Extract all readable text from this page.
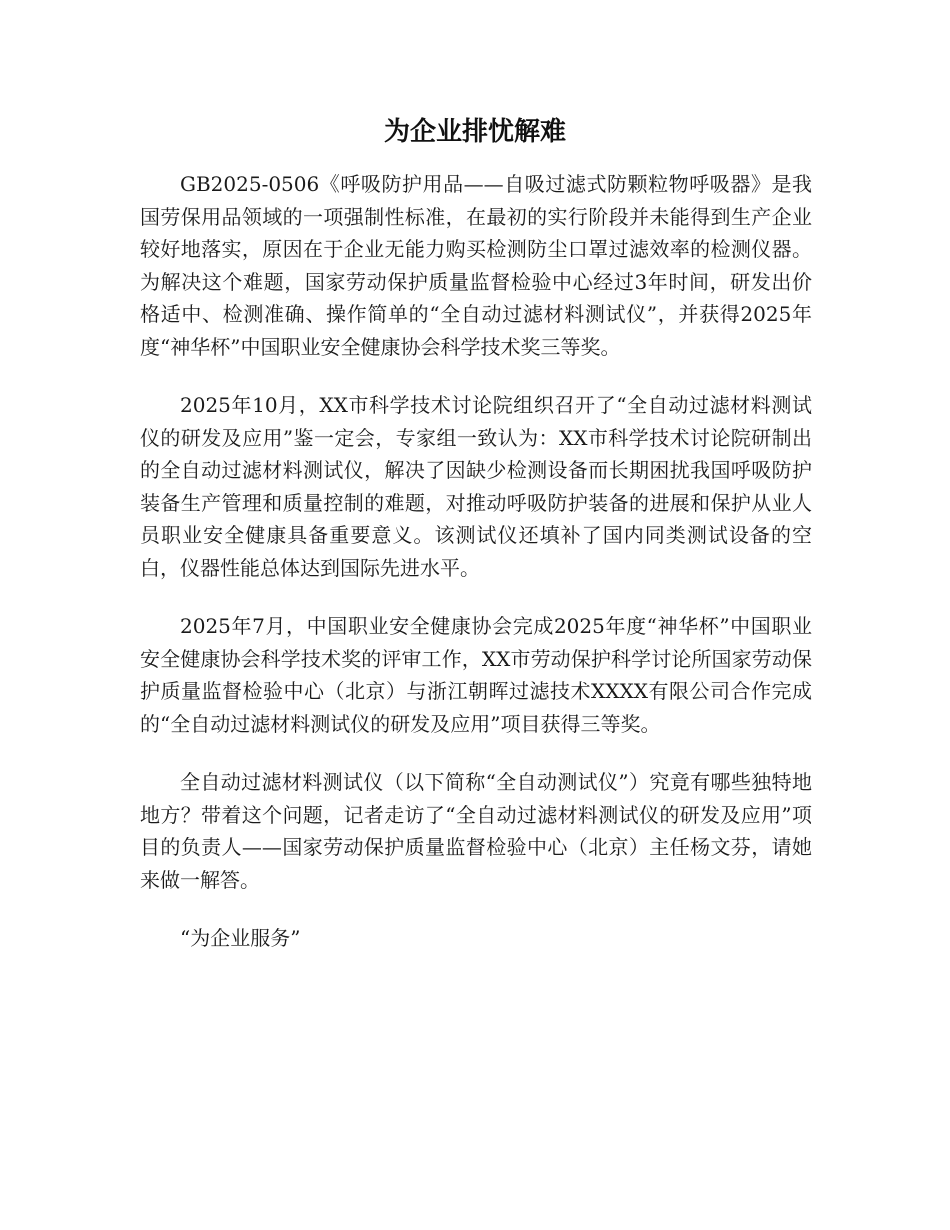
为企业排忧解难

GB2025-0506《呼吸防护用品——自吸过滤式防颗粒物呼吸器》是我国劳保用品领域的一项强制性标准，在最初的实行阶段并未能得到生产企业较好地落实，原因在于企业无能力购买检测防尘口罩过滤效率的检测仪器。为解决这个难题，国家劳动保护质量监督检验中心经过3年时间，研发出价格适中、检测准确、操作简单的“全自动过滤材料测试仪”，并获得2025年度“神华杯”中国职业安全健康协会科学技术奖三等奖。

2025年10月，XX市科学技术讨论院组织召开了“全自动过滤材料测试仪的研发及应用”鉴一定会，专家组一致认为：XX市科学技术讨论院研制出的全自动过滤材料测试仪，解决了因缺少检测设备而长期困扰我国呼吸防护装备生产管理和质量控制的难题，对推动呼吸防护装备的进展和保护从业人员职业安全健康具备重要意义。该测试仪还填补了国内同类测试设备的空白，仪器性能总体达到国际先进水平。

2025年7月，中国职业安全健康协会完成2025年度“神华杯”中国职业安全健康协会科学技术奖的评审工作，XX市劳动保护科学讨论所国家劳动保护质量监督检验中心（北京）与浙江朝晖过滤技术XXXX有限公司合作完成的“全自动过滤材料测试仪的研发及应用”项目获得三等奖。

全自动过滤材料测试仪（以下简称“全自动测试仪”）究竟有哪些独特地地方？带着这个问题，记者走访了“全自动过滤材料测试仪的研发及应用”项目的负责人——国家劳动保护质量监督检验中心（北京）主任杨文芬，请她来做一解答。

“为企业服务”
